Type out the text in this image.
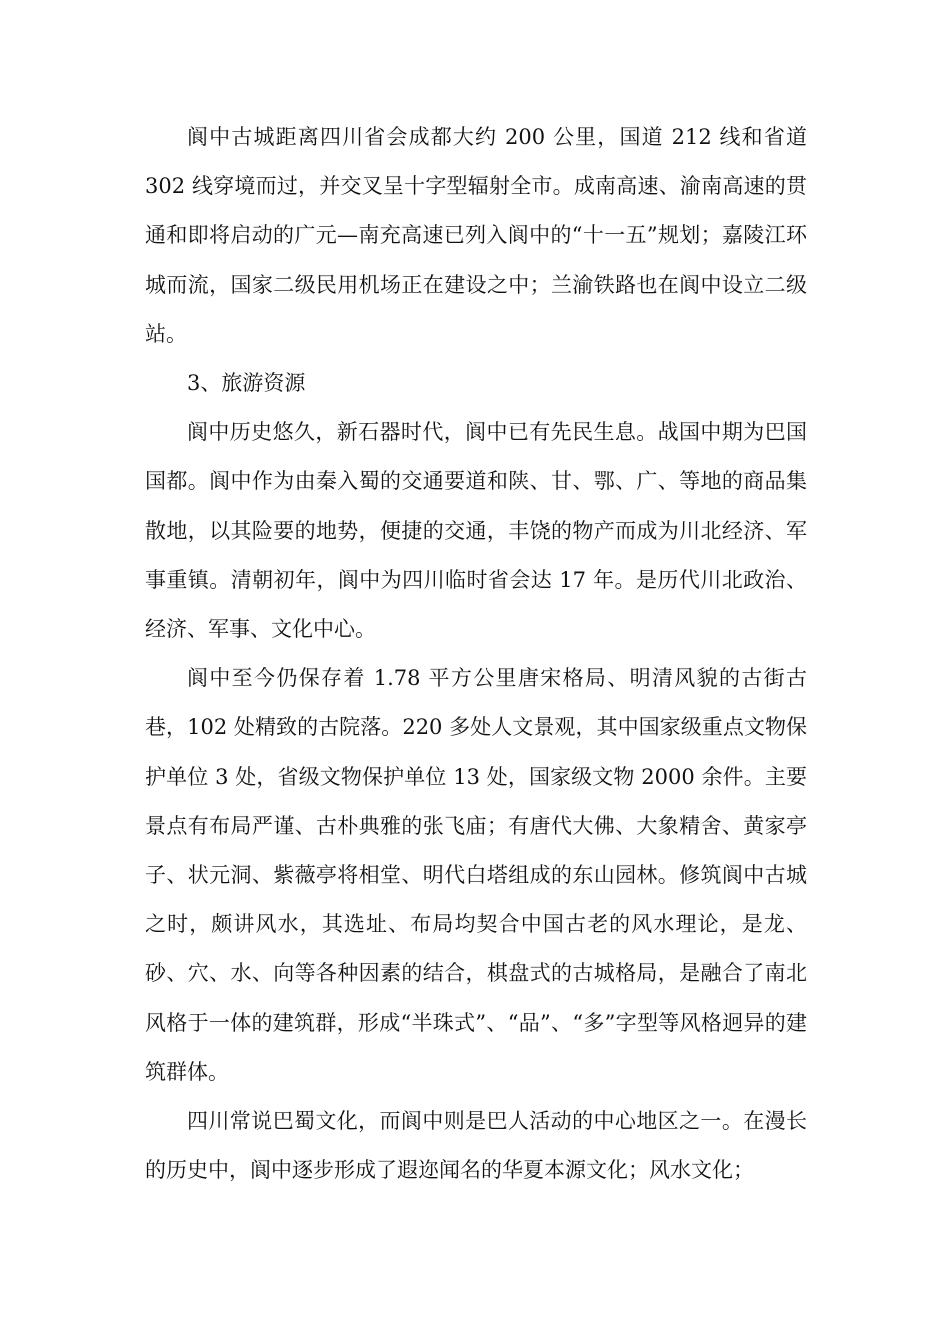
阆中古城距离四川省会成都大约 200 公里，国道 212 线和省道 302 线穿境而过，并交叉呈十字型辐射全市。成南高速、渝南高速的贯通和即将启动的广元—南充高速已列入阆中的“十一五”规划；嘉陵江环城而流，国家二级民用机场正在建设之中；兰渝铁路也在阆中设立二级站。

3、旅游资源

阆中历史悠久，新石器时代，阆中已有先民生息。战国中期为巴国国都。阆中作为由秦入蜀的交通要道和陕、甘、鄂、广、等地的商品集散地，以其险要的地势，便捷的交通，丰饶的物产而成为川北经济、军事重镇。清朝初年，阆中为四川临时省会达 17 年。是历代川北政治、经济、军事、文化中心。

阆中至今仍保存着 1.78 平方公里唐宋格局、明清风貌的古街古巷，102 处精致的古院落。220 多处人文景观，其中国家级重点文物保护单位 3 处，省级文物保护单位 13 处，国家级文物 2000 余件。主要景点有布局严谨、古朴典雅的张飞庙；有唐代大佛、大象精舍、黄家亭子、状元洞、紫薇亭将相堂、明代白塔组成的东山园林。修筑阆中古城之时，颇讲风水，其选址、布局均契合中国古老的风水理论，是龙、砂、穴、水、向等各种因素的结合，棋盘式的古城格局，是融合了南北风格于一体的建筑群，形成“半珠式”、“品”、“多”字型等风格迥异的建筑群体。

四川常说巴蜀文化，而阆中则是巴人活动的中心地区之一。在漫长的历史中，阆中逐步形成了遐迩闻名的华夏本源文化；风水文化；
